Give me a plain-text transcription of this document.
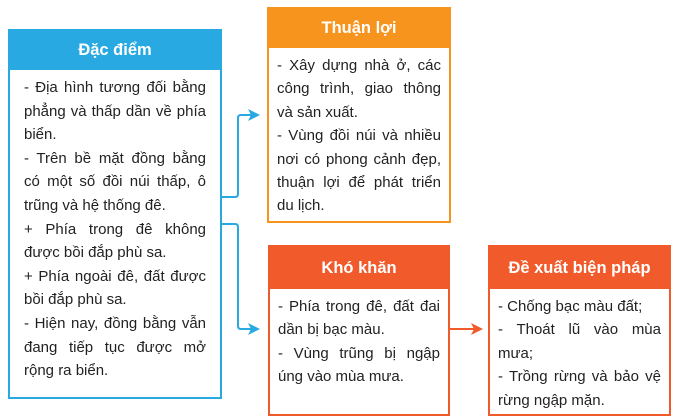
Đặc điểm

- Địa hình tương đối bằng phẳng và thấp dần về phía biển.

- Trên bề mặt đồng bằng có một số đồi núi thấp, ô trũng và hệ thống đê.

+ Phía trong đê không được bồi đắp phù sa.

+ Phía ngoài đê, đất được bồi đắp phù sa.

- Hiện nay, đồng bằng vẫn đang tiếp tục được mở rộng ra biển.

Thuận lợi

- Xây dựng nhà ở, các công trình, giao thông và sản xuất.

- Vùng đồi núi và nhiều nơi có phong cảnh đẹp, thuận lợi để phát triển du lịch.

Khó khăn

- Phía trong đê, đất đai dần bị bạc màu.

- Vùng trũng bị ngập úng vào mùa mưa.

Đề xuất biện pháp

- Chống bạc màu đất;

- Thoát lũ vào mùa mưa;

- Trồng rừng và bảo vệ rừng ngập mặn.
